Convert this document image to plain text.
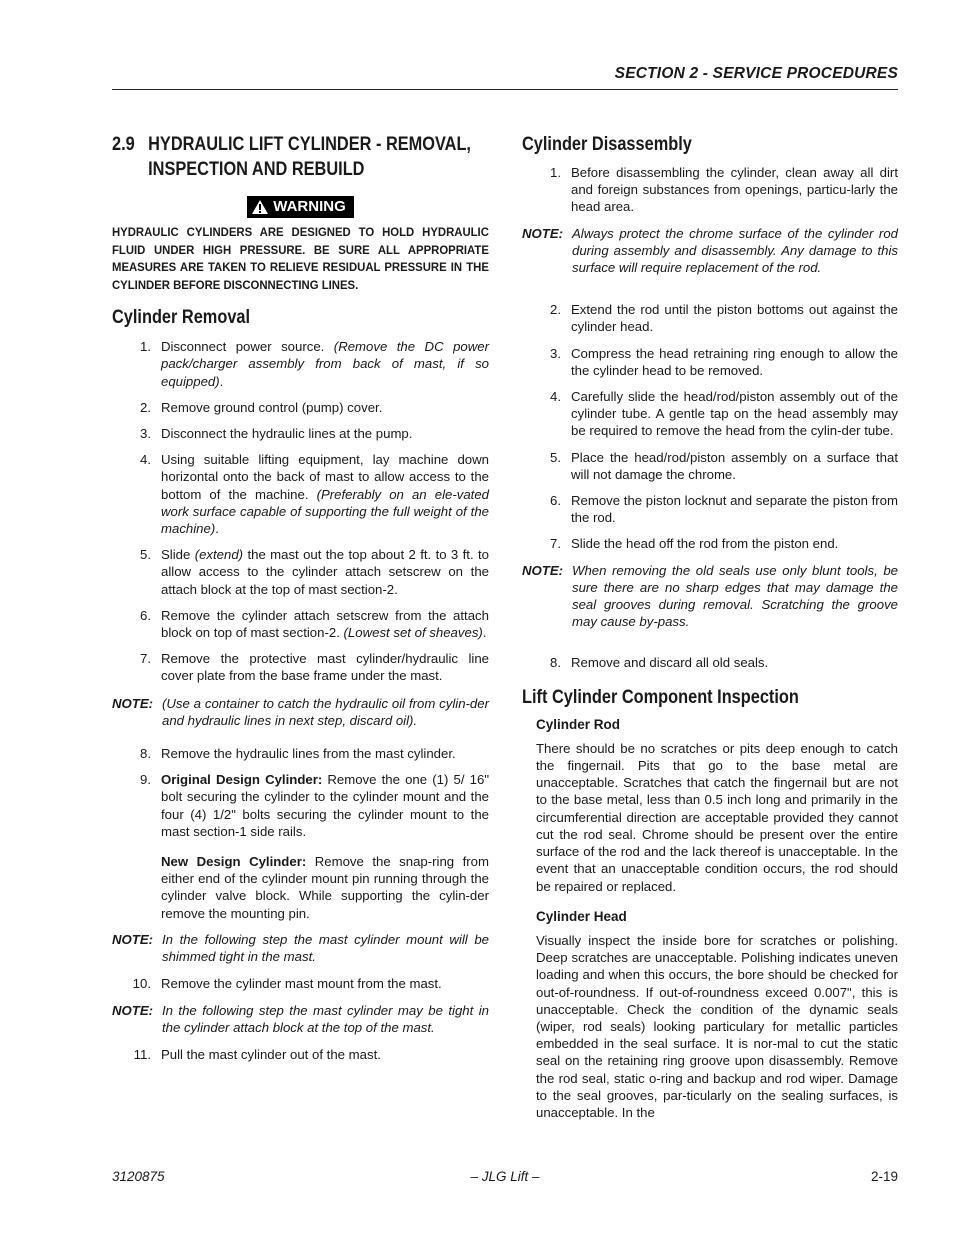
SECTION 2 - SERVICE PROCEDURES
2.9 HYDRAULIC LIFT CYLINDER - REMOVAL, INSPECTION AND REBUILD
WARNING

HYDRAULIC CYLINDERS ARE DESIGNED TO HOLD HYDRAULIC FLUID UNDER HIGH PRESSURE. BE SURE ALL APPROPRIATE MEASURES ARE TAKEN TO RELIEVE RESIDUAL PRESSURE IN THE CYLINDER BEFORE DISCONNECTING LINES.

Cylinder Removal
1. Disconnect power source. (Remove the DC power pack/charger assembly from back of mast, if so equipped).
2. Remove ground control (pump) cover.
3. Disconnect the hydraulic lines at the pump.
4. Using suitable lifting equipment, lay machine down horizontal onto the back of mast to allow access to the bottom of the machine. (Preferably on an ele-vated work surface capable of supporting the full weight of the machine).
5. Slide (extend) the mast out the top about 2 ft. to 3 ft. to allow access to the cylinder attach setscrew on the attach block at the top of mast section-2.
6. Remove the cylinder attach setscrew from the attach block on top of mast section-2. (Lowest set of sheaves).
7. Remove the protective mast cylinder/hydraulic line cover plate from the base frame under the mast.
NOTE: (Use a container to catch the hydraulic oil from cylin-der and hydraulic lines in next step, discard oil).
8. Remove the hydraulic lines from the mast cylinder.
9. Original Design Cylinder: Remove the one (1) 5/ 16" bolt securing the cylinder to the cylinder mount and the four (4) 1/2" bolts securing the cylinder mount to the mast section-1 side rails.
New Design Cylinder: Remove the snap-ring from either end of the cylinder mount pin running through the cylinder valve block. While supporting the cylin-der remove the mounting pin.
NOTE: In the following step the mast cylinder mount will be shimmed tight in the mast.
10. Remove the cylinder mast mount from the mast.
NOTE: In the following step the mast cylinder may be tight in the cylinder attach block at the top of the mast.
11. Pull the mast cylinder out of the mast.
Cylinder Disassembly
1. Before disassembling the cylinder, clean away all dirt and foreign substances from openings, particu-larly the head area.
NOTE: Always protect the chrome surface of the cylinder rod during assembly and disassembly. Any damage to this surface will require replacement of the rod.
2. Extend the rod until the piston bottoms out against the cylinder head.
3. Compress the head retraining ring enough to allow the the cylinder head to be removed.
4. Carefully slide the head/rod/piston assembly out of the cylinder tube. A gentle tap on the head assembly may be required to remove the head from the cylin-der tube.
5. Place the head/rod/piston assembly on a surface that will not damage the chrome.
6. Remove the piston locknut and separate the piston from the rod.
7. Slide the head off the rod from the piston end.
NOTE: When removing the old seals use only blunt tools, be sure there are no sharp edges that may damage the seal grooves during removal. Scratching the groove may cause by-pass.
8. Remove and discard all old seals.
Lift Cylinder Component Inspection
Cylinder Rod

There should be no scratches or pits deep enough to catch the fingernail. Pits that go to the base metal are unacceptable. Scratches that catch the fingernail but are not to the base metal, less than 0.5 inch long and primarily in the circumferential direction are acceptable provided they cannot cut the rod seal. Chrome should be present over the entire surface of the rod and the lack thereof is unacceptable. In the event that an unacceptable condition occurs, the rod should be repaired or replaced.

Cylinder Head

Visually inspect the inside bore for scratches or polishing. Deep scratches are unacceptable. Polishing indicates uneven loading and when this occurs, the bore should be checked for out-of-roundness. If out-of-roundness exceed 0.007", this is unacceptable. Check the condition of the dynamic seals (wiper, rod seals) looking particulary for metallic particles embedded in the seal surface. It is nor-mal to cut the static seal on the retaining ring groove upon disassembly. Remove the rod seal, static o-ring and backup and rod wiper. Damage to the seal grooves, par-ticularly on the sealing surfaces, is unacceptable. In the

3120875	– JLG Lift –	2-19
